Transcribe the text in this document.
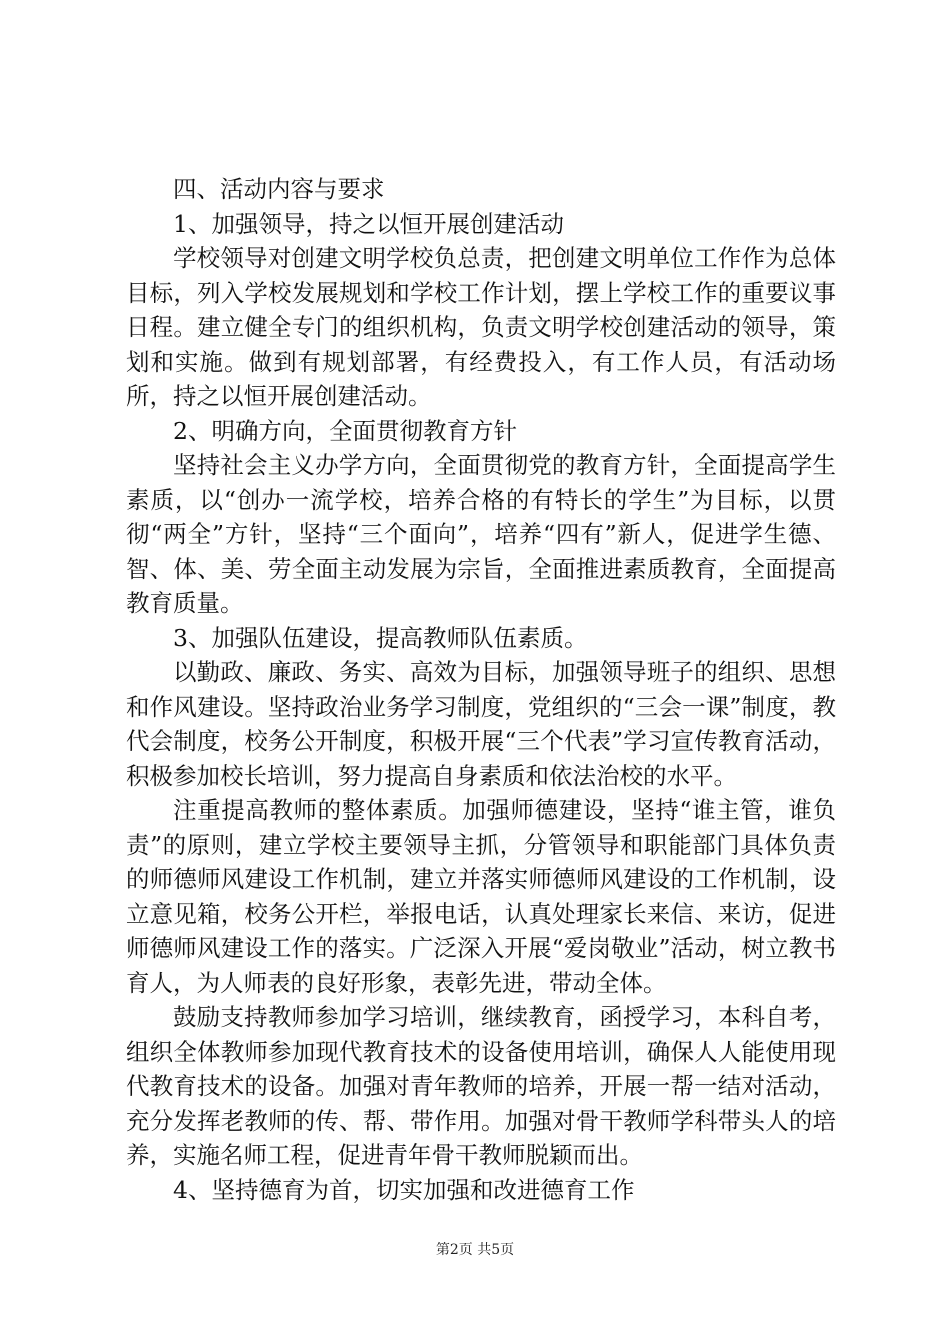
四、活动内容与要求

1、加强领导，持之以恒开展创建活动

学校领导对创建文明学校负总责，把创建文明单位工作作为总体目标，列入学校发展规划和学校工作计划，摆上学校工作的重要议事日程。建立健全专门的组织机构，负责文明学校创建活动的领导，策划和实施。做到有规划部署，有经费投入，有工作人员，有活动场所，持之以恒开展创建活动。

2、明确方向，全面贯彻教育方针

坚持社会主义办学方向，全面贯彻党的教育方针，全面提高学生素质，以“创办一流学校，培养合格的有特长的学生”为目标，以贯彻“两全”方针，坚持“三个面向”，培养“四有”新人，促进学生德、智、体、美、劳全面主动发展为宗旨，全面推进素质教育，全面提高教育质量。

3、加强队伍建设，提高教师队伍素质。

以勤政、廉政、务实、高效为目标，加强领导班子的组织、思想和作风建设。坚持政治业务学习制度，党组织的“三会一课”制度，教代会制度，校务公开制度，积极开展“三个代表”学习宣传教育活动，积极参加校长培训，努力提高自身素质和依法治校的水平。

注重提高教师的整体素质。加强师德建设，坚持“谁主管，谁负责”的原则，建立学校主要领导主抓，分管领导和职能部门具体负责的师德师风建设工作机制，建立并落实师德师风建设的工作机制，设立意见箱，校务公开栏，举报电话，认真处理家长来信、来访，促进师德师风建设工作的落实。广泛深入开展“爱岗敬业”活动，树立教书育人，为人师表的良好形象，表彰先进，带动全体。

鼓励支持教师参加学习培训，继续教育，函授学习，本科自考，组织全体教师参加现代教育技术的设备使用培训，确保人人能使用现代教育技术的设备。加强对青年教师的培养，开展一帮一结对活动，充分发挥老教师的传、帮、带作用。加强对骨干教师学科带头人的培养，实施名师工程，促进青年骨干教师脱颖而出。

4、坚持德育为首，切实加强和改进德育工作

第2页 共5页
